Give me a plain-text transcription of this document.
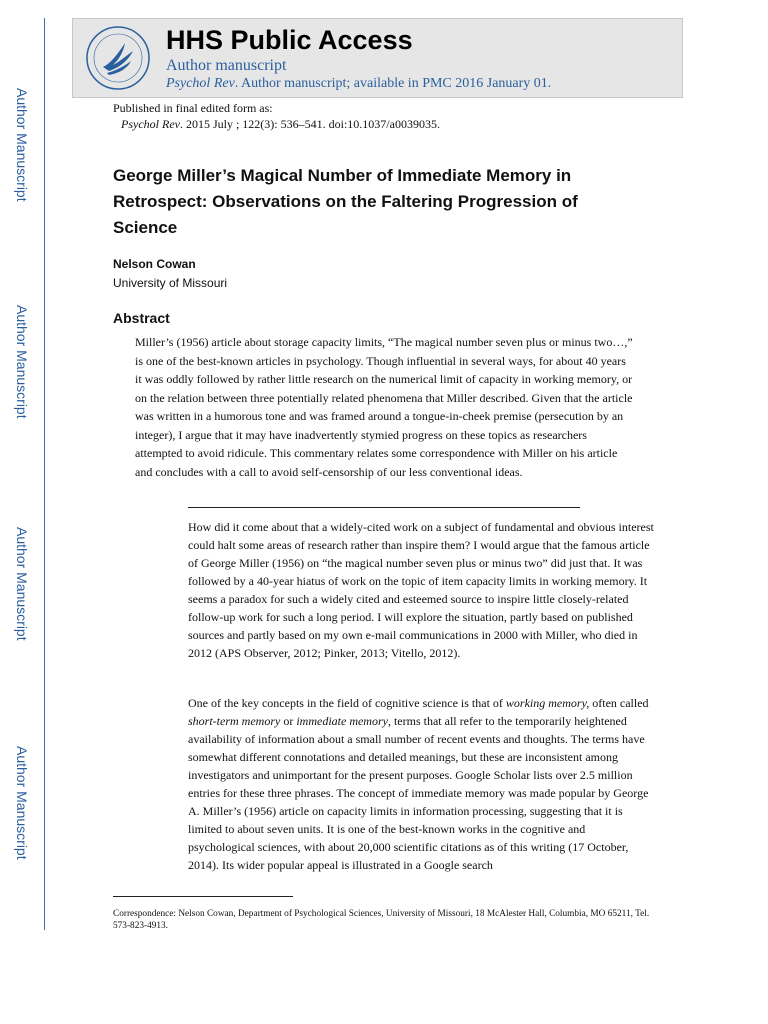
Author Manuscript
Author Manuscript
Author Manuscript
Author Manuscript
HHS Public Access
Author manuscript
Psychol Rev. Author manuscript; available in PMC 2016 January 01.
Published in final edited form as:
Psychol Rev. 2015 July ; 122(3): 536–541. doi:10.1037/a0039035.
George Miller’s Magical Number of Immediate Memory in Retrospect: Observations on the Faltering Progression of Science
Nelson Cowan
University of Missouri
Abstract
Miller’s (1956) article about storage capacity limits, “The magical number seven plus or minus two…,” is one of the best-known articles in psychology. Though influential in several ways, for about 40 years it was oddly followed by rather little research on the numerical limit of capacity in working memory, or on the relation between three potentially related phenomena that Miller described. Given that the article was written in a humorous tone and was framed around a tongue-in-cheek premise (persecution by an integer), I argue that it may have inadvertently stymied progress on these topics as researchers attempted to avoid ridicule. This commentary relates some correspondence with Miller on his article and concludes with a call to avoid self-censorship of our less conventional ideas.
How did it come about that a widely-cited work on a subject of fundamental and obvious interest could halt some areas of research rather than inspire them? I would argue that the famous article of George Miller (1956) on “the magical number seven plus or minus two” did just that. It was followed by a 40-year hiatus of work on the topic of item capacity limits in working memory. It seems a paradox for such a widely cited and esteemed source to inspire little closely-related follow-up work for such a long period. I will explore the situation, partly based on published sources and partly based on my own e-mail communications in 2000 with Miller, who died in 2012 (APS Observer, 2012; Pinker, 2013; Vitello, 2012).
One of the key concepts in the field of cognitive science is that of working memory, often called short-term memory or immediate memory, terms that all refer to the temporarily heightened availability of information about a small number of recent events and thoughts. The terms have somewhat different connotations and detailed meanings, but these are inconsistent among investigators and unimportant for the present purposes. Google Scholar lists over 2.5 million entries for these three phrases. The concept of immediate memory was made popular by George A. Miller’s (1956) article on capacity limits in information processing, suggesting that it is limited to about seven units. It is one of the best-known works in the cognitive and psychological sciences, with about 20,000 scientific citations as of this writing (17 October, 2014). Its wider popular appeal is illustrated in a Google search
Correspondence: Nelson Cowan, Department of Psychological Sciences, University of Missouri, 18 McAlester Hall, Columbia, MO 65211, Tel. 573-823-4913.
